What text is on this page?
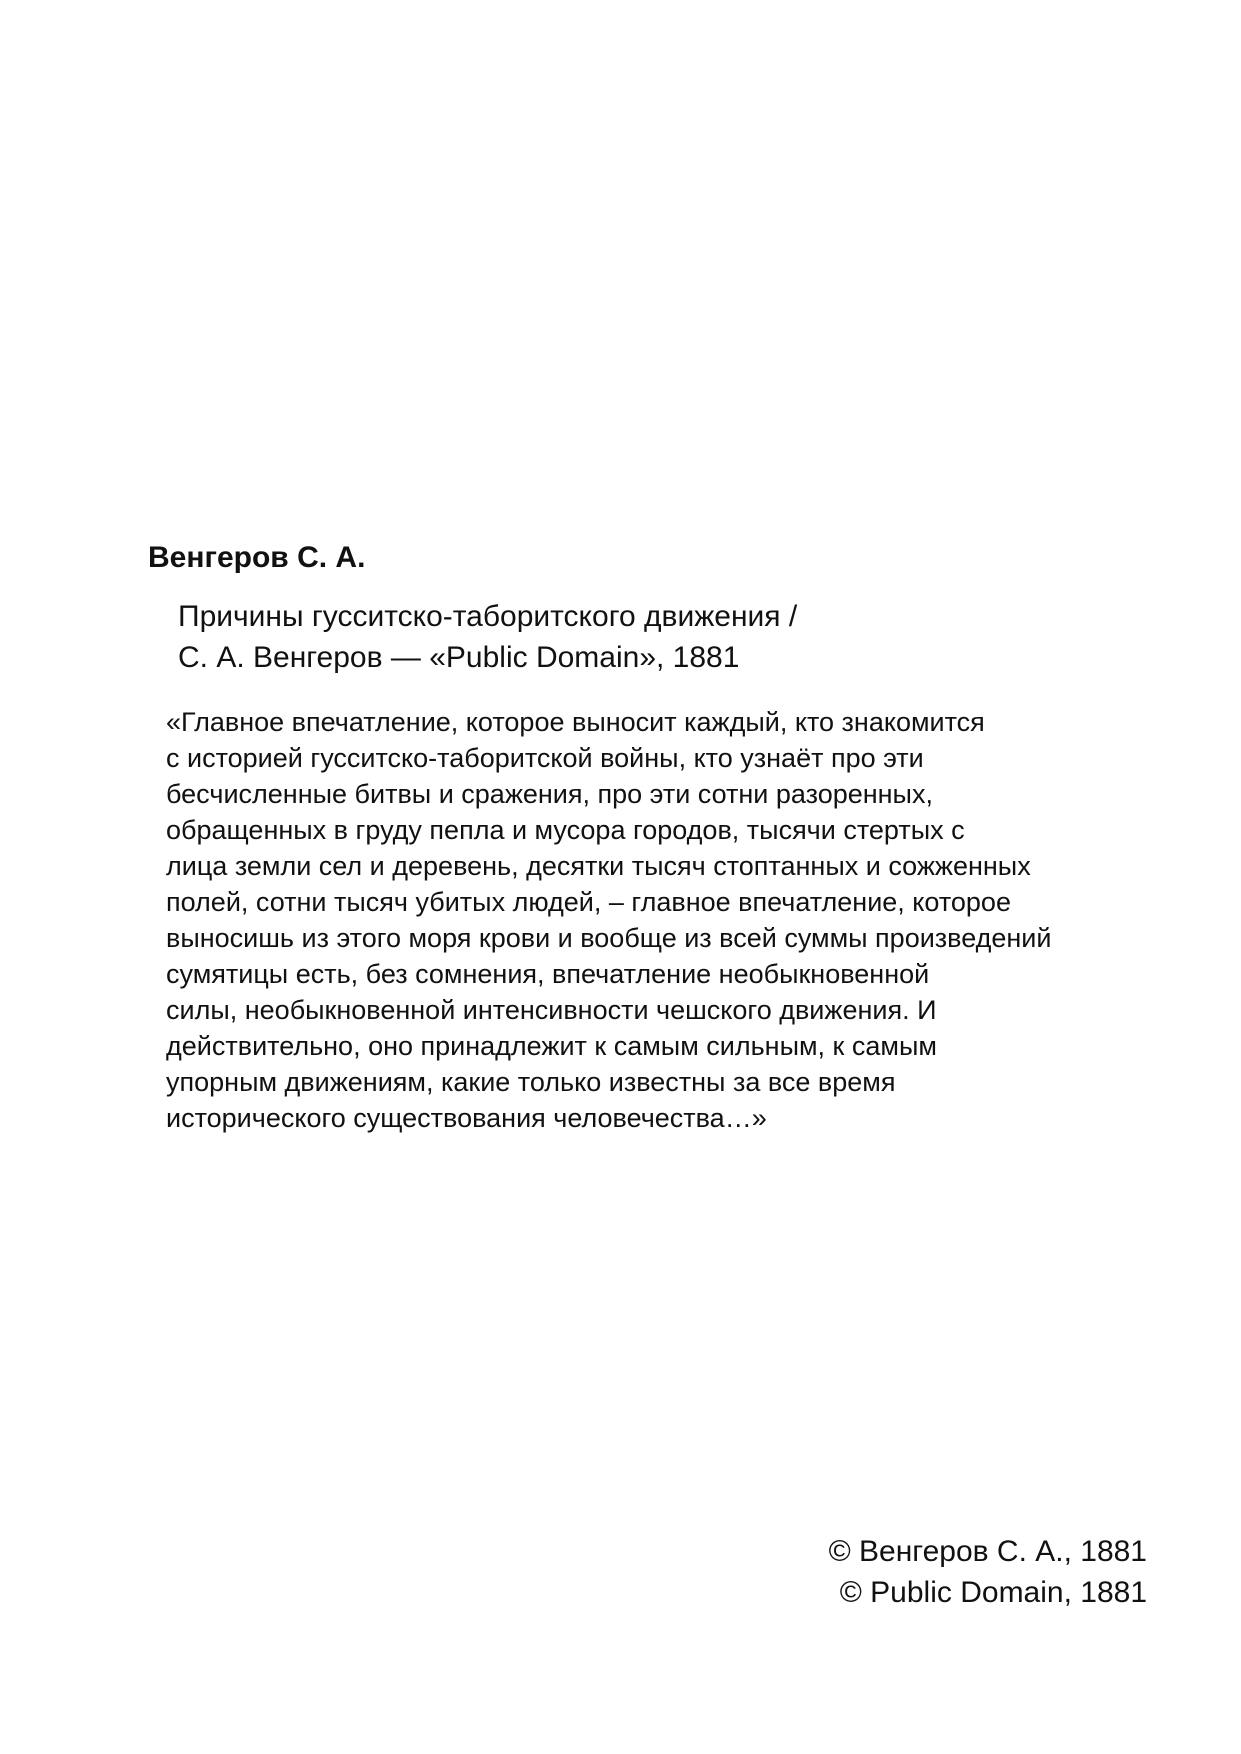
Венгеров С. А.
Причины гусситско-таборитского движения /
С. А. Венгеров — «Public Domain», 1881
«Главное впечатление, которое выносит каждый, кто знакомится
с историей гусситско-таборитской войны, кто узнаёт про эти
бесчисленные битвы и сражения, про эти сотни разоренных,
обращенных в груду пепла и мусора городов, тысячи стертых с
лица земли сел и деревень, десятки тысяч стоптанных и сожженных
полей, сотни тысяч убитых людей, – главное впечатление, которое
выносишь из этого моря крови и вообще из всей суммы произведений
сумятицы есть, без сомнения, впечатление необыкновенной
силы, необыкновенной интенсивности чешского движения. И
действительно, оно принадлежит к самым сильным, к самым
упорным движениям, какие только известны за все время
исторического существования человечества…»
© Венгеров С. А., 1881
© Public Domain, 1881
